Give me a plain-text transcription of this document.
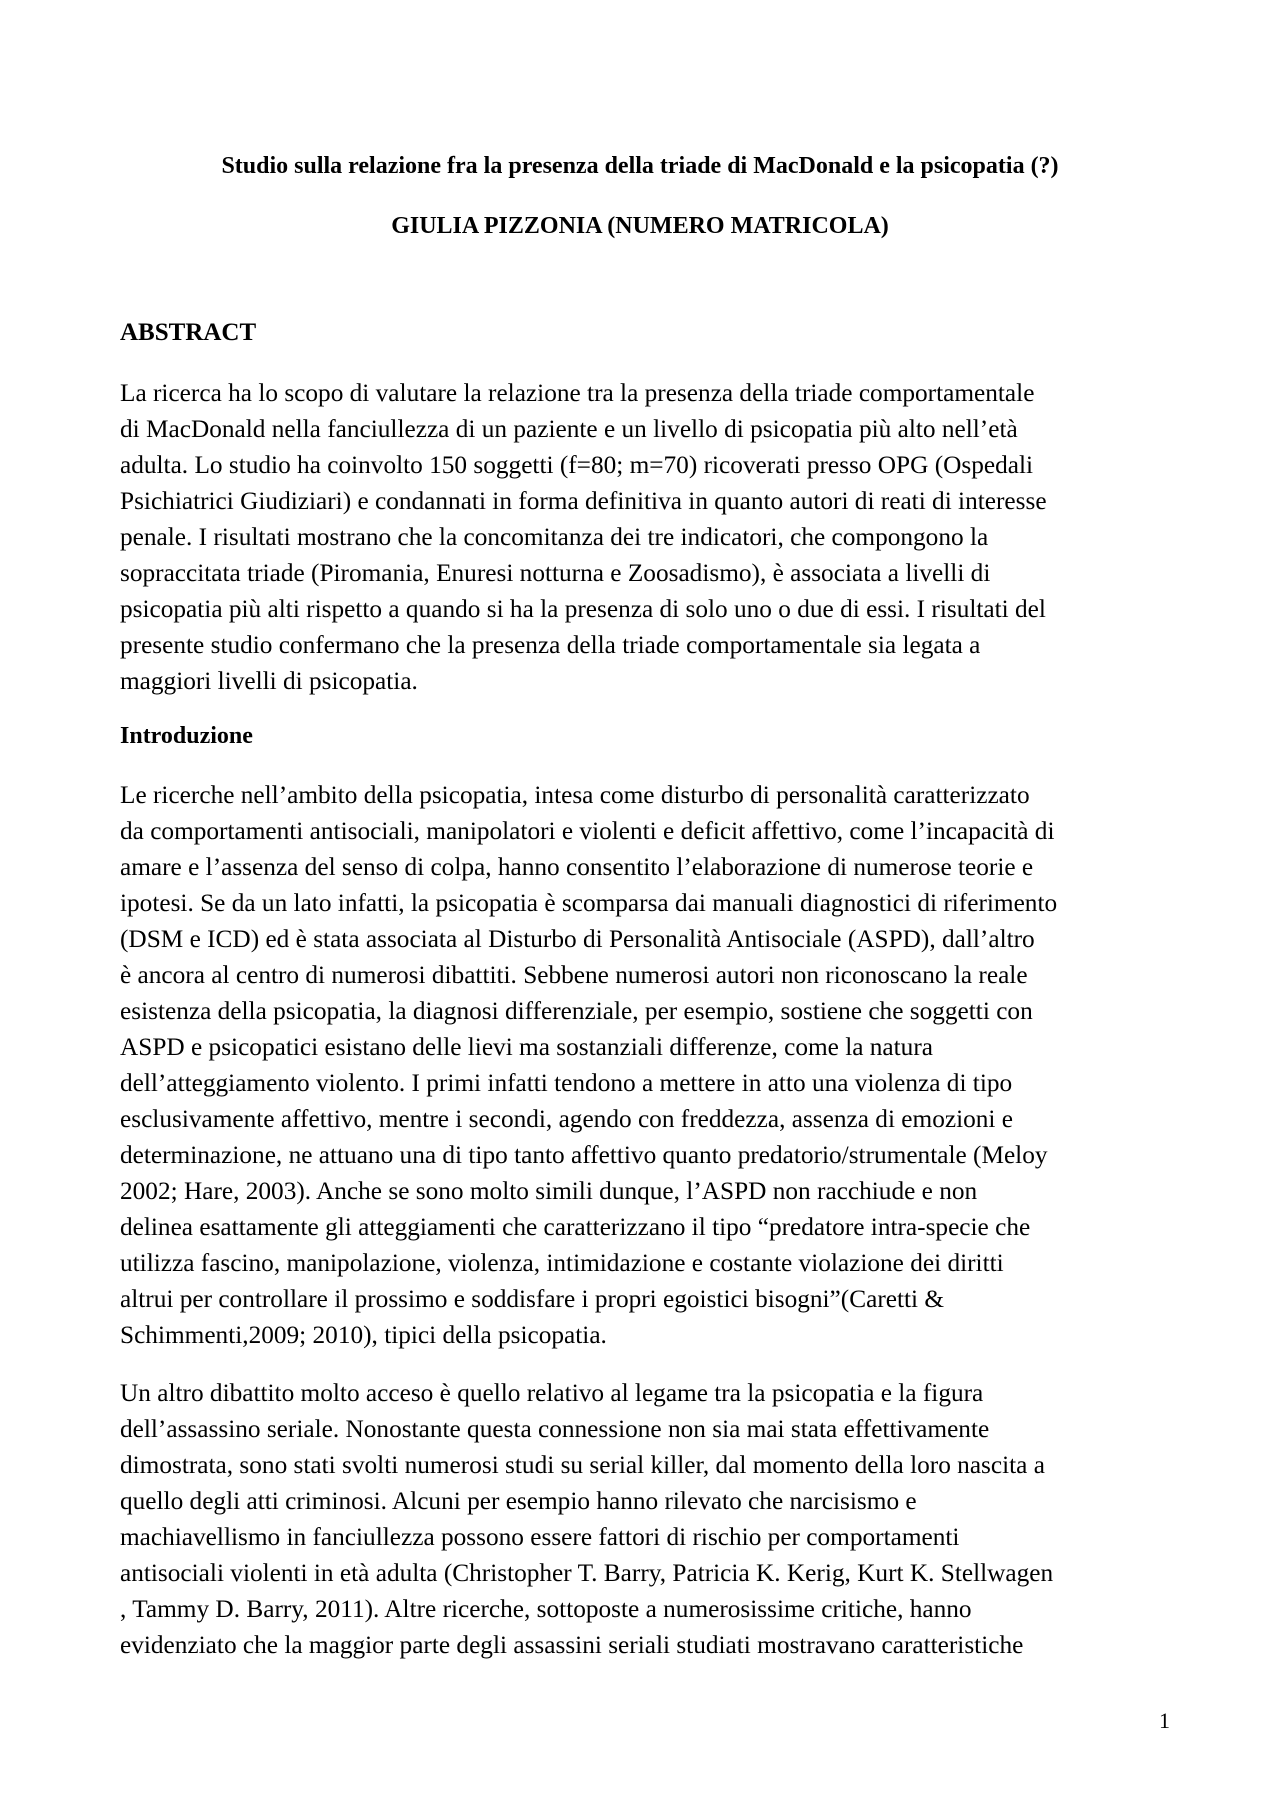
Studio sulla relazione fra la presenza della triade di MacDonald e la psicopatia (?)

GIULIA PIZZONIA (NUMERO MATRICOLA)

ABSTRACT
La ricerca ha lo scopo di valutare la relazione tra la presenza della triade comportamentale
di MacDonald nella fanciullezza di un paziente e un livello di psicopatia più alto nell’età
adulta. Lo studio ha coinvolto 150 soggetti (f=80; m=70) ricoverati presso OPG (Ospedali
Psichiatrici Giudiziari) e condannati in forma definitiva in quanto autori di reati di interesse
penale. I risultati mostrano che la concomitanza dei tre indicatori, che compongono la
sopraccitata triade (Piromania, Enuresi notturna e Zoosadismo), è associata a livelli di
psicopatia più alti rispetto a quando si ha la presenza di solo uno o due di essi. I risultati del
presente studio confermano che la presenza della triade comportamentale sia legata a
maggiori livelli di psicopatia.
Introduzione
Le ricerche nell’ambito della psicopatia, intesa come disturbo di personalità caratterizzato
da comportamenti antisociali, manipolatori e violenti e deficit affettivo, come l’incapacità di
amare e l’assenza del senso di colpa, hanno consentito l’elaborazione di numerose teorie e
ipotesi. Se da un lato infatti, la psicopatia è scomparsa dai manuali diagnostici di riferimento
(DSM e ICD) ed è stata associata al Disturbo di Personalità Antisociale (ASPD), dall’altro
è ancora al centro di numerosi dibattiti. Sebbene numerosi autori non riconoscano la reale
esistenza della psicopatia, la diagnosi differenziale, per esempio, sostiene che soggetti con
ASPD e psicopatici esistano delle lievi ma sostanziali differenze, come la natura
dell’atteggiamento violento. I primi infatti tendono a mettere in atto una violenza di tipo
esclusivamente affettivo, mentre i secondi, agendo con freddezza, assenza di emozioni e
determinazione, ne attuano una di tipo tanto affettivo quanto predatorio/strumentale (Meloy
2002; Hare, 2003). Anche se sono molto simili dunque, l’ASPD non racchiude e non
delinea esattamente gli atteggiamenti che caratterizzano il tipo “predatore intra-specie che
utilizza fascino, manipolazione, violenza, intimidazione e costante violazione dei diritti
altrui per controllare il prossimo e soddisfare i propri egoistici bisogni”(Caretti &
Schimmenti,2009; 2010), tipici della psicopatia.
Un altro dibattito molto acceso è quello relativo al legame tra la psicopatia e la figura
dell’assassino seriale. Nonostante questa connessione non sia mai stata effettivamente
dimostrata, sono stati svolti numerosi studi su serial killer, dal momento della loro nascita a
quello degli atti criminosi. Alcuni per esempio hanno rilevato che narcisismo e
machiavellismo in fanciullezza possono essere fattori di rischio per comportamenti
antisociali violenti in età adulta (Christopher T. Barry, Patricia K. Kerig, Kurt K. Stellwagen
, Tammy D. Barry, 2011). Altre ricerche, sottoposte a numerosissime critiche, hanno
evidenziato che la maggior parte degli assassini seriali studiati mostravano caratteristiche

1
